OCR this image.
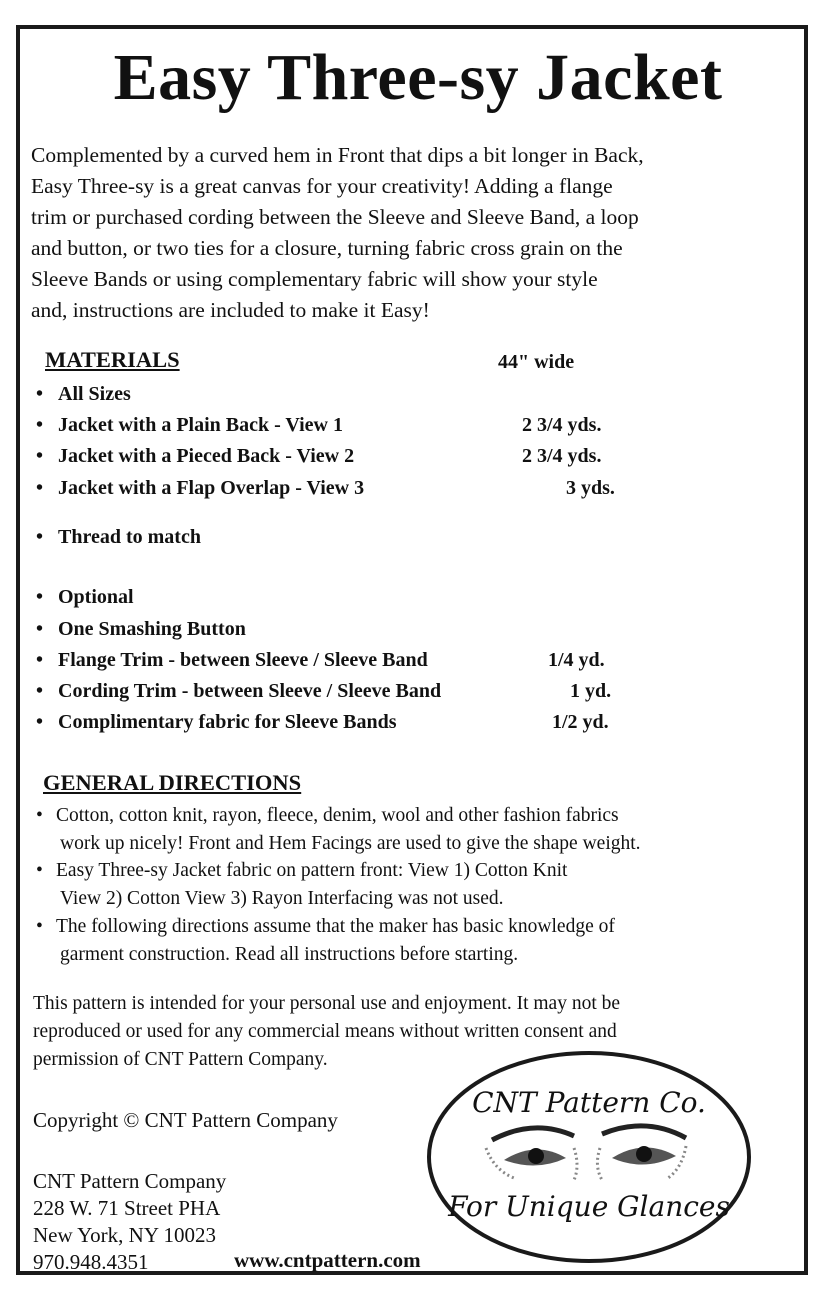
Easy Three-sy Jacket

Complemented by a curved hem in Front that dips a bit longer in Back,
Easy Three-sy is a great canvas for your creativity! Adding a flange
trim or purchased cording between the Sleeve and Sleeve Band, a loop
and button, or two ties for a closure, turning fabric cross grain on the
Sleeve Bands or using complementary fabric will show your style
and, instructions are included to make it Easy!

MATERIALS	44" wide
• All Sizes
• Jacket with a Plain Back - View 1	2 3/4 yds.
• Jacket with a Pieced Back - View 2	2 3/4 yds.
• Jacket with a Flap Overlap - View 3	3 yds.
• Thread to match
• Optional
• One Smashing Button
• Flange Trim - between Sleeve / Sleeve Band	1/4 yd.
• Cording Trim - between Sleeve / Sleeve Band	1 yd.
• Complimentary fabric for Sleeve Bands	1/2 yd.
GENERAL DIRECTIONS
• Cotton, cotton knit, rayon, fleece, denim, wool and other fashion fabrics
work up nicely! Front and Hem Facings are used to give the shape weight.
• Easy Three-sy Jacket fabric on pattern front: View 1) Cotton Knit
View 2) Cotton View 3) Rayon Interfacing was not used.
• The following directions assume that the maker has basic knowledge of
garment construction. Read all instructions before starting.

This pattern is intended for your personal use and enjoyment. It may not be
reproduced or used for any commercial means without written consent and
permission of CNT Pattern Company.

Copyright © CNT Pattern Company
CNT Pattern Company
228 W. 71 Street PHA
New York, NY 10023
970.948.4351	www.cntpattern.com
CNT Pattern Co.
For Unique Glances
